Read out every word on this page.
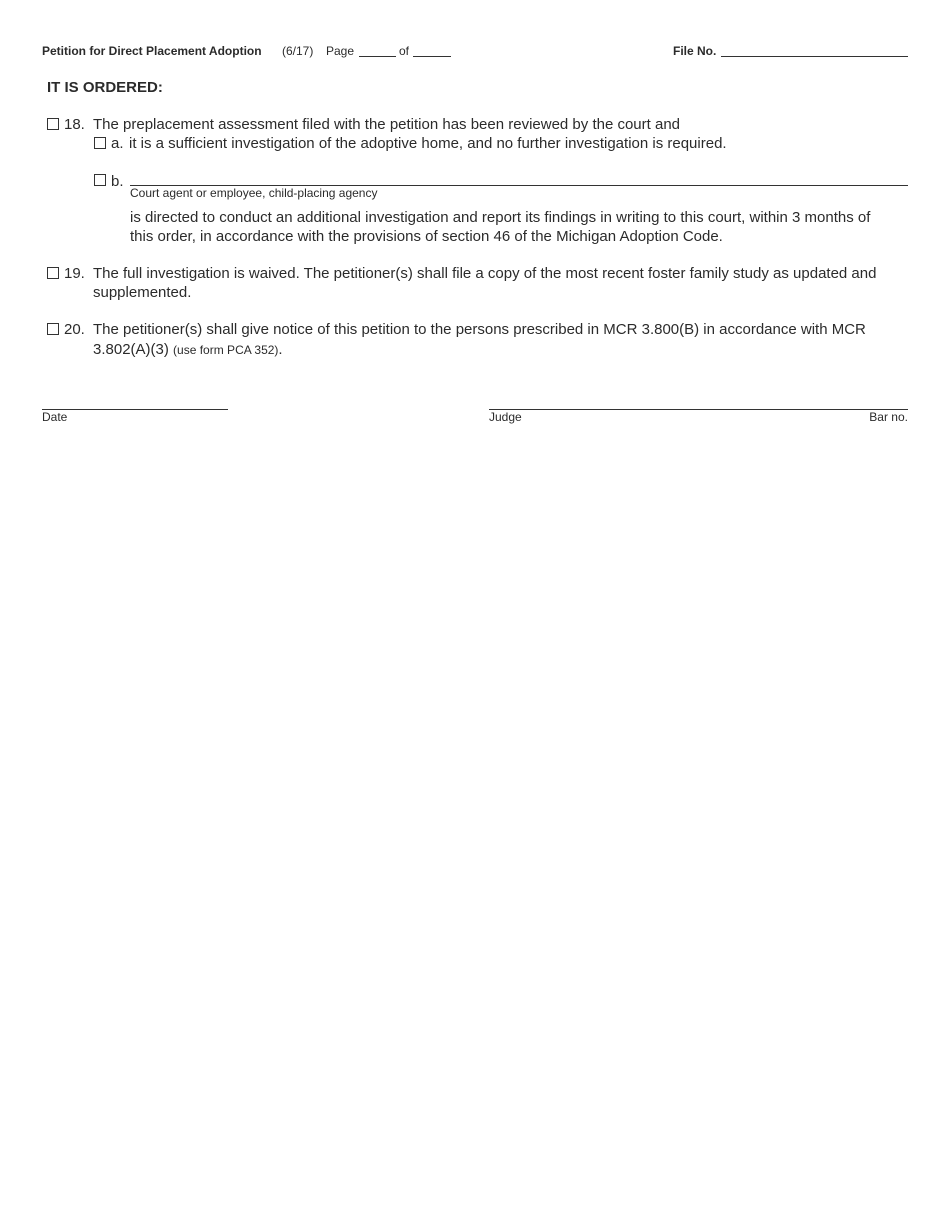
Petition for Direct Placement Adoption (6/17) Page	of	File No.
IT IS ORDERED:
18. The preplacement assessment filed with the petition has been reviewed by the court and
a. it is a sufficient investigation of the adoptive home, and no further investigation is required.
b.
Court agent or employee, child-placing agency
is directed to conduct an additional investigation and report its findings in writing to this court, within 3 months of
this order, in accordance with the provisions of section 46 of the Michigan Adoption Code.
19. The full investigation is waived. The petitioner(s) shall file a copy of the most recent foster family study as updated and
supplemented.
20. The petitioner(s) shall give notice of this petition to the persons prescribed in MCR 3.800(B) in accordance with MCR
3.802(A)(3) (use form PCA 352).
Date	Judge	Bar no.
